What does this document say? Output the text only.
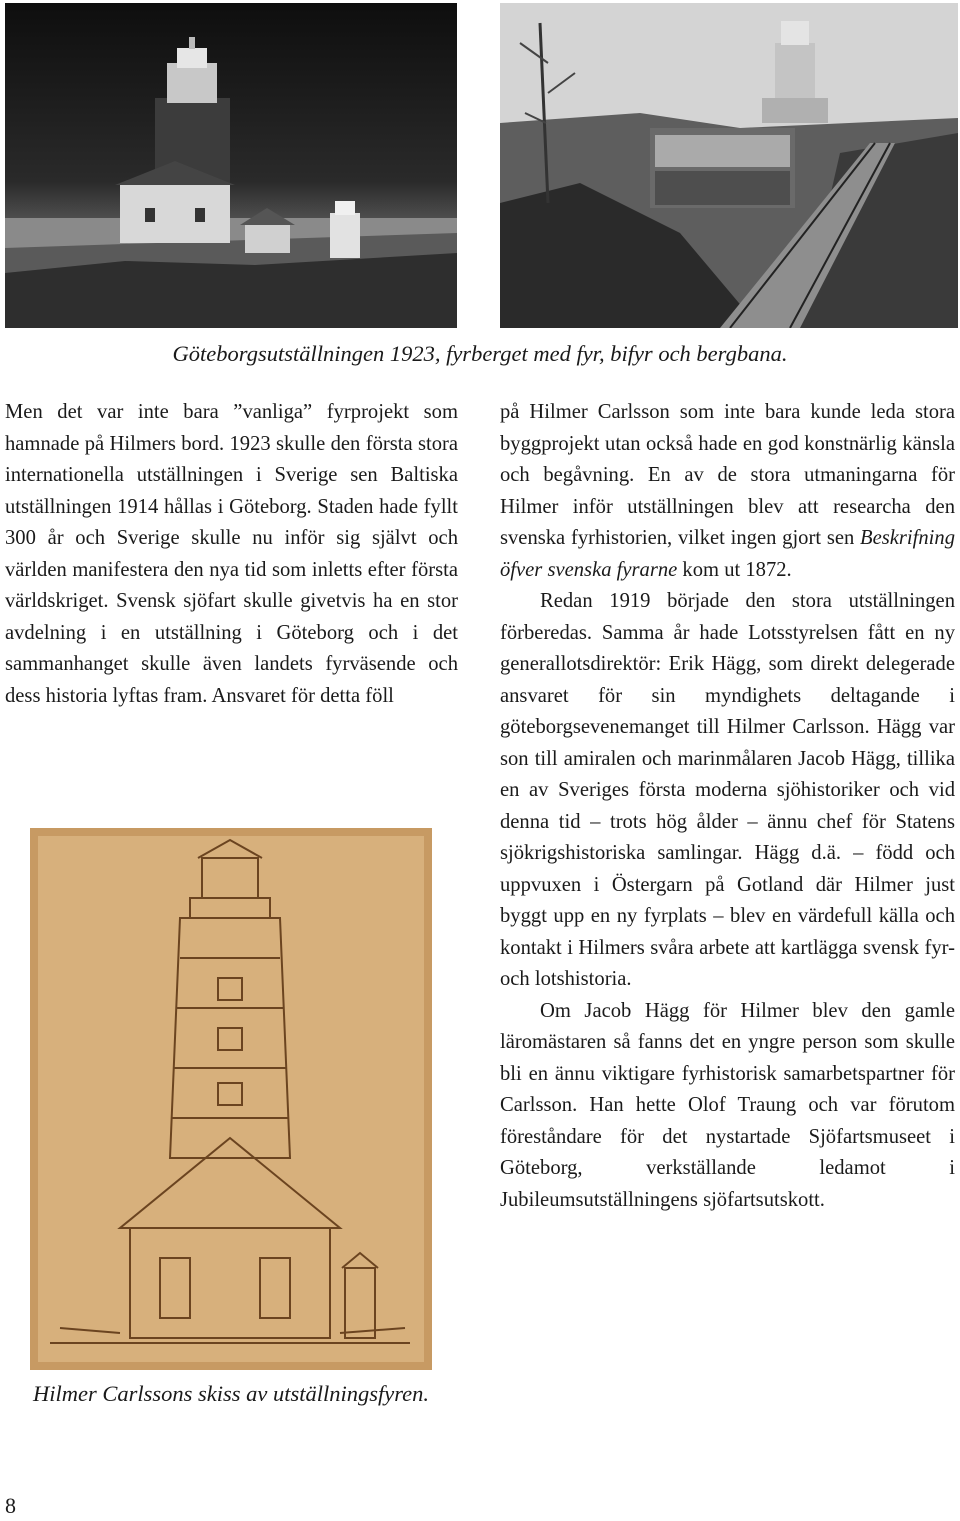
Göteborgsutställningen 1923, fyrberget med fyr, bifyr och bergbana.

Men det var inte bara ”vanliga” fyrprojekt som hamnade på Hilmers bord. 1923 skulle den första stora internationella utställningen i Sverige sen Baltiska utställningen 1914 hållas i Göteborg. Staden hade fyllt 300 år och Sverige skulle nu inför sig självt och världen manifestera den nya tid som inletts efter första världskriget. Svensk sjöfart skulle givetvis ha en stor avdelning i en utställning i Göteborg och i det sammanhanget skulle även landets fyrväsende och dess historia lyftas fram. Ansvaret för detta föll

på Hilmer Carlsson som inte bara kunde leda stora byggprojekt utan också hade en god konstnärlig känsla och begåvning. En av de stora utmaningarna för Hilmer inför utställningen blev att researcha den svenska fyrhistorien, vilket ingen gjort sen Beskrifning öfver svenska fyrarne kom ut 1872.

Redan 1919 började den stora utställningen förberedas. Samma år hade Lotsstyrelsen fått en ny generallotsdirektör: Erik Hägg, som direkt delegerade ansvaret för sin myndighets deltagande i göteborgsevenemanget till Hilmer Carlsson. Hägg var son till amiralen och marinmålaren Jacob Hägg, tillika en av Sveriges första moderna sjöhistoriker och vid denna tid – trots hög ålder – ännu chef för Statens sjökrigshistoriska samlingar. Hägg d.ä. – född och uppvuxen i Östergarn på Gotland där Hilmer just byggt upp en ny fyrplats – blev en värdefull källa och kontakt i Hilmers svåra arbete att kartlägga svensk fyr- och lotshistoria.

Om Jacob Hägg för Hilmer blev den gamle läromästaren så fanns det en yngre person som skulle bli en ännu viktigare fyrhistorisk samarbetspartner för Carlsson. Han hette Olof Traung och var förutom föreståndare för det nystartade Sjöfartsmuseet i Göteborg, verkställande ledamot i Jubileumsutställningens sjöfartsutskott.

Hilmer Carlssons skiss av utställningsfyren.
8
